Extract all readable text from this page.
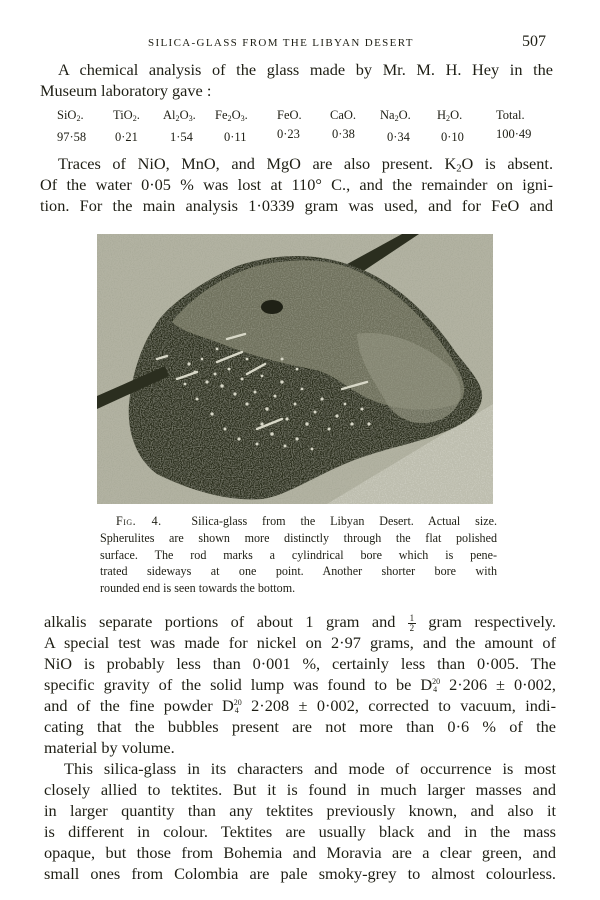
SILICA-GLASS FROM THE LIBYAN DESERT	507
A chemical analysis of the glass made by Mr. M. H. Hey in the
Museum laboratory gave :
SiO$_2$.
97·58
TiO$_2$.
0·21
$Al_2O_3$.
1·54
$Fe_2O_3$.
0·11
FeO.
0·23
CaO.
0·38
$Na_2O$.
0·34
$H_2O$.
0·10
Total.
100·49
Traces of NiO, MnO, and MgO are also present. $K_2O$ is absent.
Of the water 0·05 % was lost at 110° C., and the remainder on igni-
tion. For the main analysis 1·0339 gram was used, and for FeO and
Fig. 4. Silica-glass from the Libyan Desert. Actual size.
Spherulites are shown more distinctly through the flat polished
surface. The rod marks a cylindrical bore which is pene-
trated sideways at one point. Another shorter bore with
rounded end is seen towards the bottom.
alkalis separate portions of about 1 gram and $\frac{1}{2}$ gram respectively.
A special test was made for nickel on 2·97 grams, and the amount of
NiO is probably less than 0·001 %, certainly less than 0·005. The
specific gravity of the solid lump was found to be D 20
4 2·206 ± 0·002,
and of the fine powder D 20
4 2·208 ± 0·002, corrected to vacuum, indi-
cating that the bubbles present are not more than 0·6 % of the
material by volume.
This silica-glass in its characters and mode of occurrence is most
closely allied to tektites. But it is found in much larger masses and
in larger quantity than any tektites previously known, and also it
is different in colour. Tektites are usually black and in the mass
opaque, but those from Bohemia and Moravia are a clear green, and
small ones from Colombia are pale smoky-grey to almost colourless.
